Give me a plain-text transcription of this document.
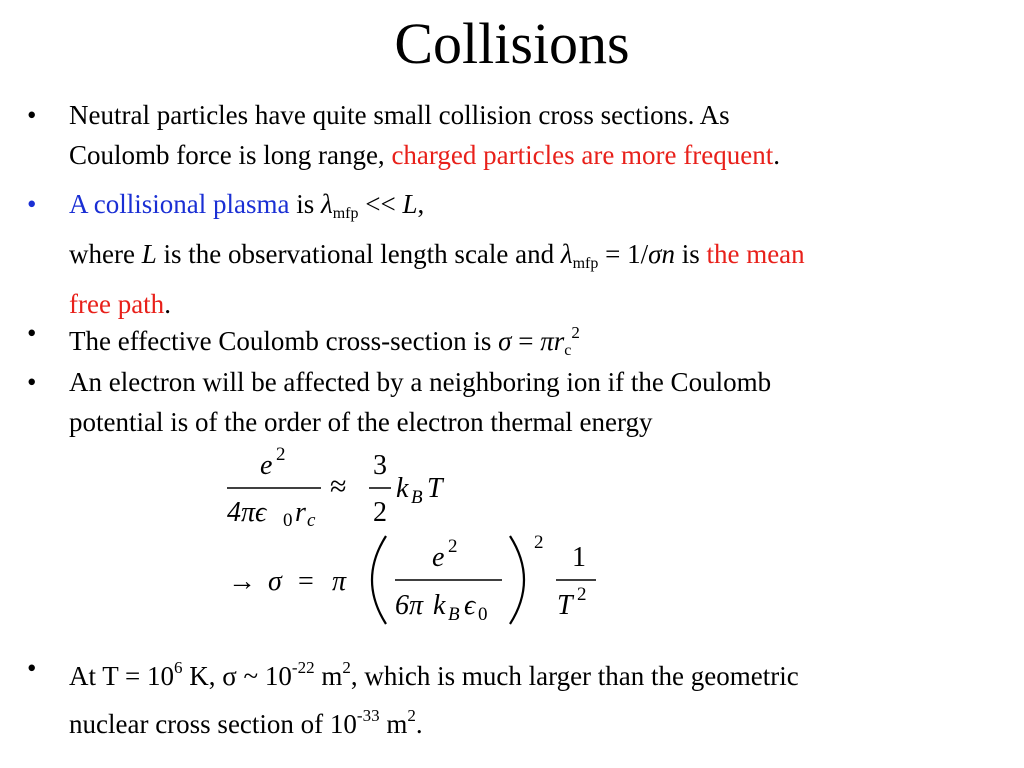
Collisions
• Neutral particles have quite small collision cross sections. As
Coulomb force is long range, charged particles are more frequent.
• A collisional plasma is $\lambda_{mfp} << L$,
where L is the observational length scale and $\lambda_{mfp} = 1/\sigma n$ is the mean
free path.
• The effective Coulomb cross-section is $\sigma = \pi r_c^2$
• An electron will be affected by a neighboring ion if the Coulomb
potential is of the order of the electron thermal energy
e 2
4πϵ 0 r c
≈
3
2
k B T
→ σ = π
e 2
6π k B ϵ 0
2 1
T 2
• At $T = 10^6$ K, σ ~ $10^{-22}$ $m^2$, which is much larger than the geometric
nuclear cross section of $10^{-33}$ $m^2$.
